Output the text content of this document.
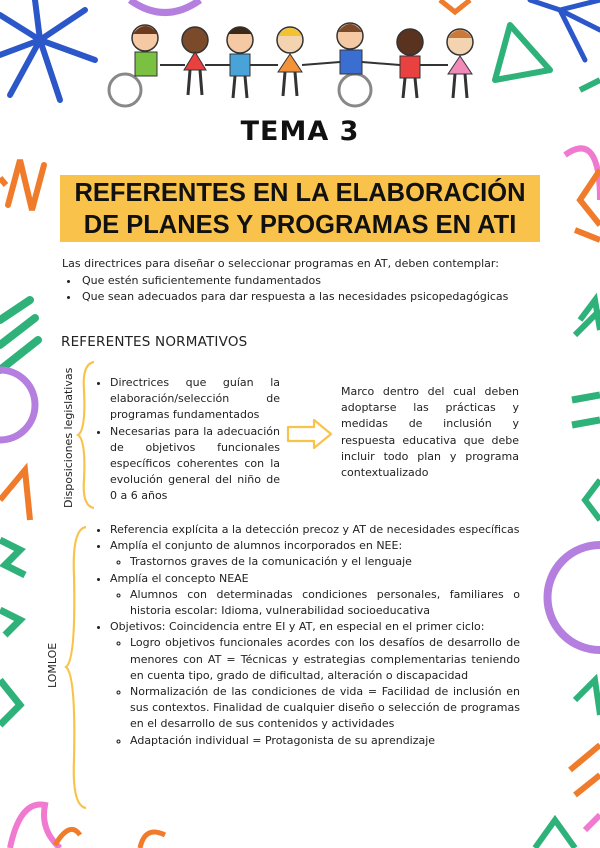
TEMA 3
REFERENTES EN LA ELABORACIÓN DE PLANES Y PROGRAMAS EN ATI
Las directrices para diseñar o seleccionar programas en AT, deben contemplar:
• Que estén suficientemente fundamentados
• Que sean adecuados para dar respuesta a las necesidades psicopedagógicas
REFERENTES NORMATIVOS
Disposiciones legislativas
•	Directrices que guían la elaboración/selección de programas fundamentados
• Necesarias para la adecuación de objetivos funcionales específicos coherentes con la evolución general del niño de 0 a 6 años
Marco dentro del cual deben adoptarse las prácticas y medidas de inclusión y respuesta educativa que debe incluir todo plan y programa contextualizado
LOMLOE
• Referencia explícita a la detección precoz y AT de necesidades específicas
• Amplía el conjunto de alumnos incorporados en NEE:
◦ Trastornos graves de la comunicación y el lenguaje
• Amplía el concepto NEAE
◦ Alumnos con determinadas condiciones personales, familiares o historia escolar: Idioma, vulnerabilidad socioeducativa
• Objetivos: Coincidencia entre EI y AT, en especial en el primer ciclo:
◦ Logro objetivos funcionales acordes con los desafíos de desarrollo de menores con AT = Técnicas y estrategias complementarias teniendo en cuenta tipo, grado de dificultad, alteración o discapacidad
◦ Normalización de las condiciones de vida = Facilidad de inclusión en sus contextos. Finalidad de cualquier diseño o selección de programas en el desarrollo de sus contenidos y actividades
◦ Adaptación individual = Protagonista de su aprendizaje
